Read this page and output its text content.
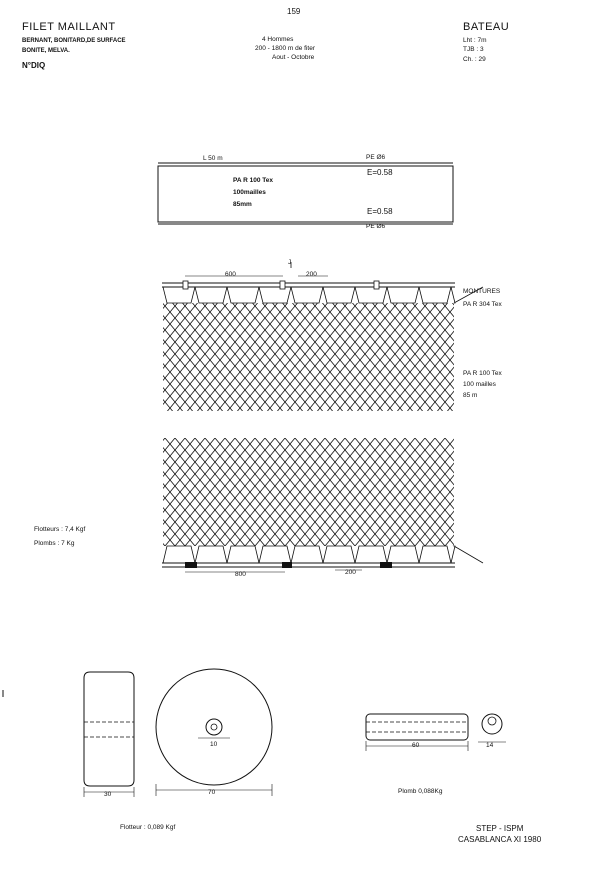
159
FILET MAILLANT
BERNANT, BONITARD,DE SURFACE
BONITE, MELVA.
N°DIQ
4 Hommes
200 - 1800 m de fiter
Aout - Octobre
BATEAU
Lht : 7m
TJB : 3
Ch. : 29
L 50 m	PE Ø6
PA R 100 Tex
100mailles
85mm
E=0.58
E=0.58
PE Ø6
J
600	200
MONTURES
PA R 304 Tex
PA R 100 Tex
100 mailles
85 m
Flotteurs : 7,4 Kgf
Plombs : 7 Kg
800	200
30	70
10
Flotteur : 0,089 Kgf
60	14
Plomb 0,088Kg
STEP - ISPM
CASABLANCA XI 1980
